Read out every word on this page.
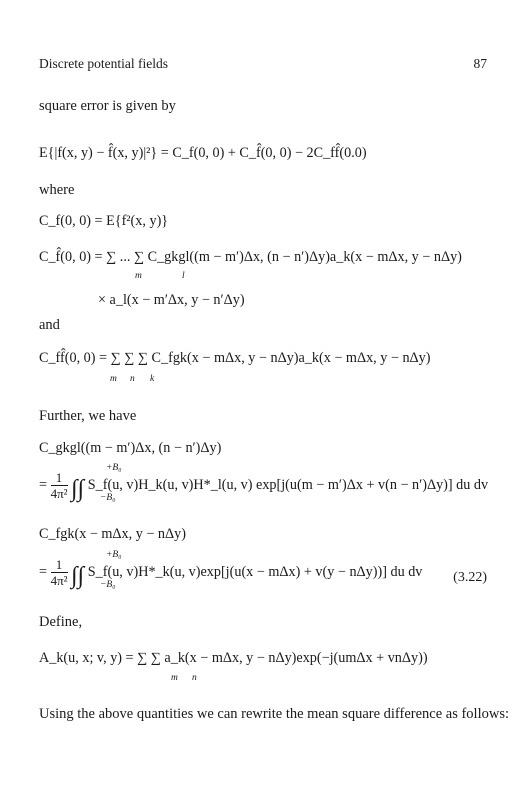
Discrete potential fields	87
square error is given by
E{|f(x, y) − f̂(x, y)|²} = C_f(0, 0) + C_f̂(0, 0) − 2C_ff̂(0.0)
where
C_f(0, 0) = E{f²(x, y)}
C_f̂(0, 0) = ∑ ... ∑ C_gkgl((m − m′)Δx, (n − n′)Δy)a_k(x − mΔx, y − nΔy)
m	l
× a_l(x − m′Δx, y − n′Δy)
and
C_ff̂(0, 0) = ∑ ∑ ∑ C_fgk(x − mΔx, y − nΔy)a_k(x − mΔx, y − nΔy)
m n k
Further, we have
C_gkgl((m − m′)Δx, (n − n′)Δy)
= $\frac{1}{\text{4π²}}$ ∫∫ S_f(u, v)H_k(u, v)H*_l(u, v) exp[j(u(m − m′)Δx + v(n − n′)Δy)] du dv
+B₀
−B₀
C_fgk(x − mΔx, y − nΔy)
= $\frac{1}{\text{4π²}}$ ∫∫ S_f(u, v)H*_k(u, v)exp[j(u(x − mΔx) + v(y − nΔy))] du dv
+B₀
−B₀	(3.22)
Define,
A_k(u, x; v, y) = ∑ ∑ a_k(x − mΔx, y − nΔy)exp(−j(umΔx + vnΔy))
m n
Using the above quantities we can rewrite the mean square difference as follows:
